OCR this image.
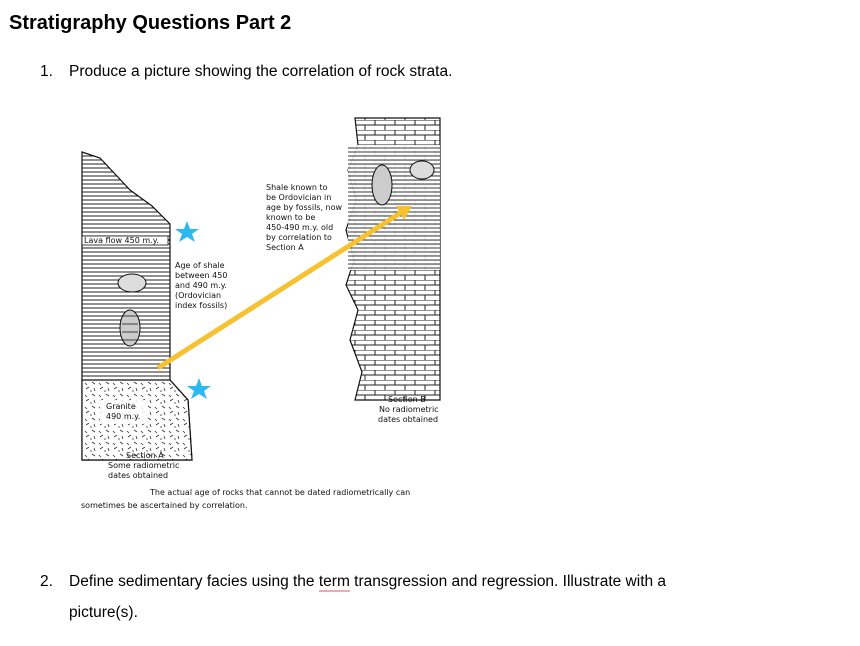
Stratigraphy Questions Part 2
1. Produce a picture showing the correlation of rock strata.
Lava flow 450 m.y.
Granite
490 m.y.
Age of shale
between 450
and 490 m.y.
(Ordovician
index fossils)
Shale known to
be Ordovician in
age by fossils, now
known to be
450-490 m.y. old
by correlation to
Section A
Section B
No radiometric
dates obtained
Section A
Some radiometric
dates obtained
The actual age of rocks that cannot be dated radiometrically can
sometimes be ascertained by correlation.
2. Define sedimentary facies using the term transgression and regression. Illustrate with a
picture(s).
